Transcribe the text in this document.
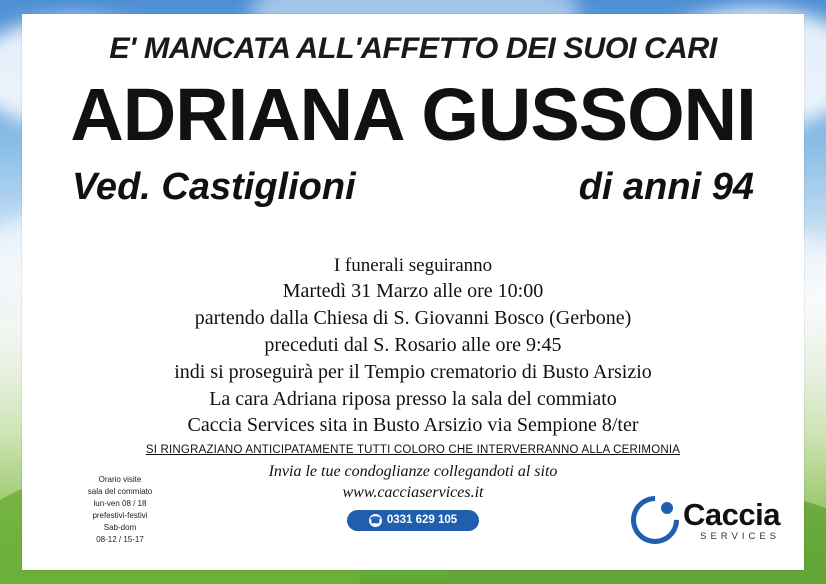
E' MANCATA ALL'AFFETTO DEI SUOI CARI
ADRIANA GUSSONI
Ved. Castiglioni	di anni 94
I funerali seguiranno
Martedì 31 Marzo alle ore 10:00
partendo dalla Chiesa di S. Giovanni Bosco (Gerbone)
preceduti dal S. Rosario alle ore 9:45
indi si proseguirà per il Tempio crematorio di Busto Arsizio
La cara Adriana riposa presso la sala del commiato
Caccia Services sita in Busto Arsizio via Sempione 8/ter
SI RINGRAZIANO ANTICIPATAMENTE TUTTI COLORO CHE INTERVERRANNO ALLA CERIMONIA
Invia le tue condoglianze collegandoti al sito
www.cacciaservices.it
☎ 0331 629 105
Orario visite
sala del commiato
lun-ven 08 / 18
prefestivi-festivi
Sab-dom
08-12 / 15-17
Caccia
SERVICES
